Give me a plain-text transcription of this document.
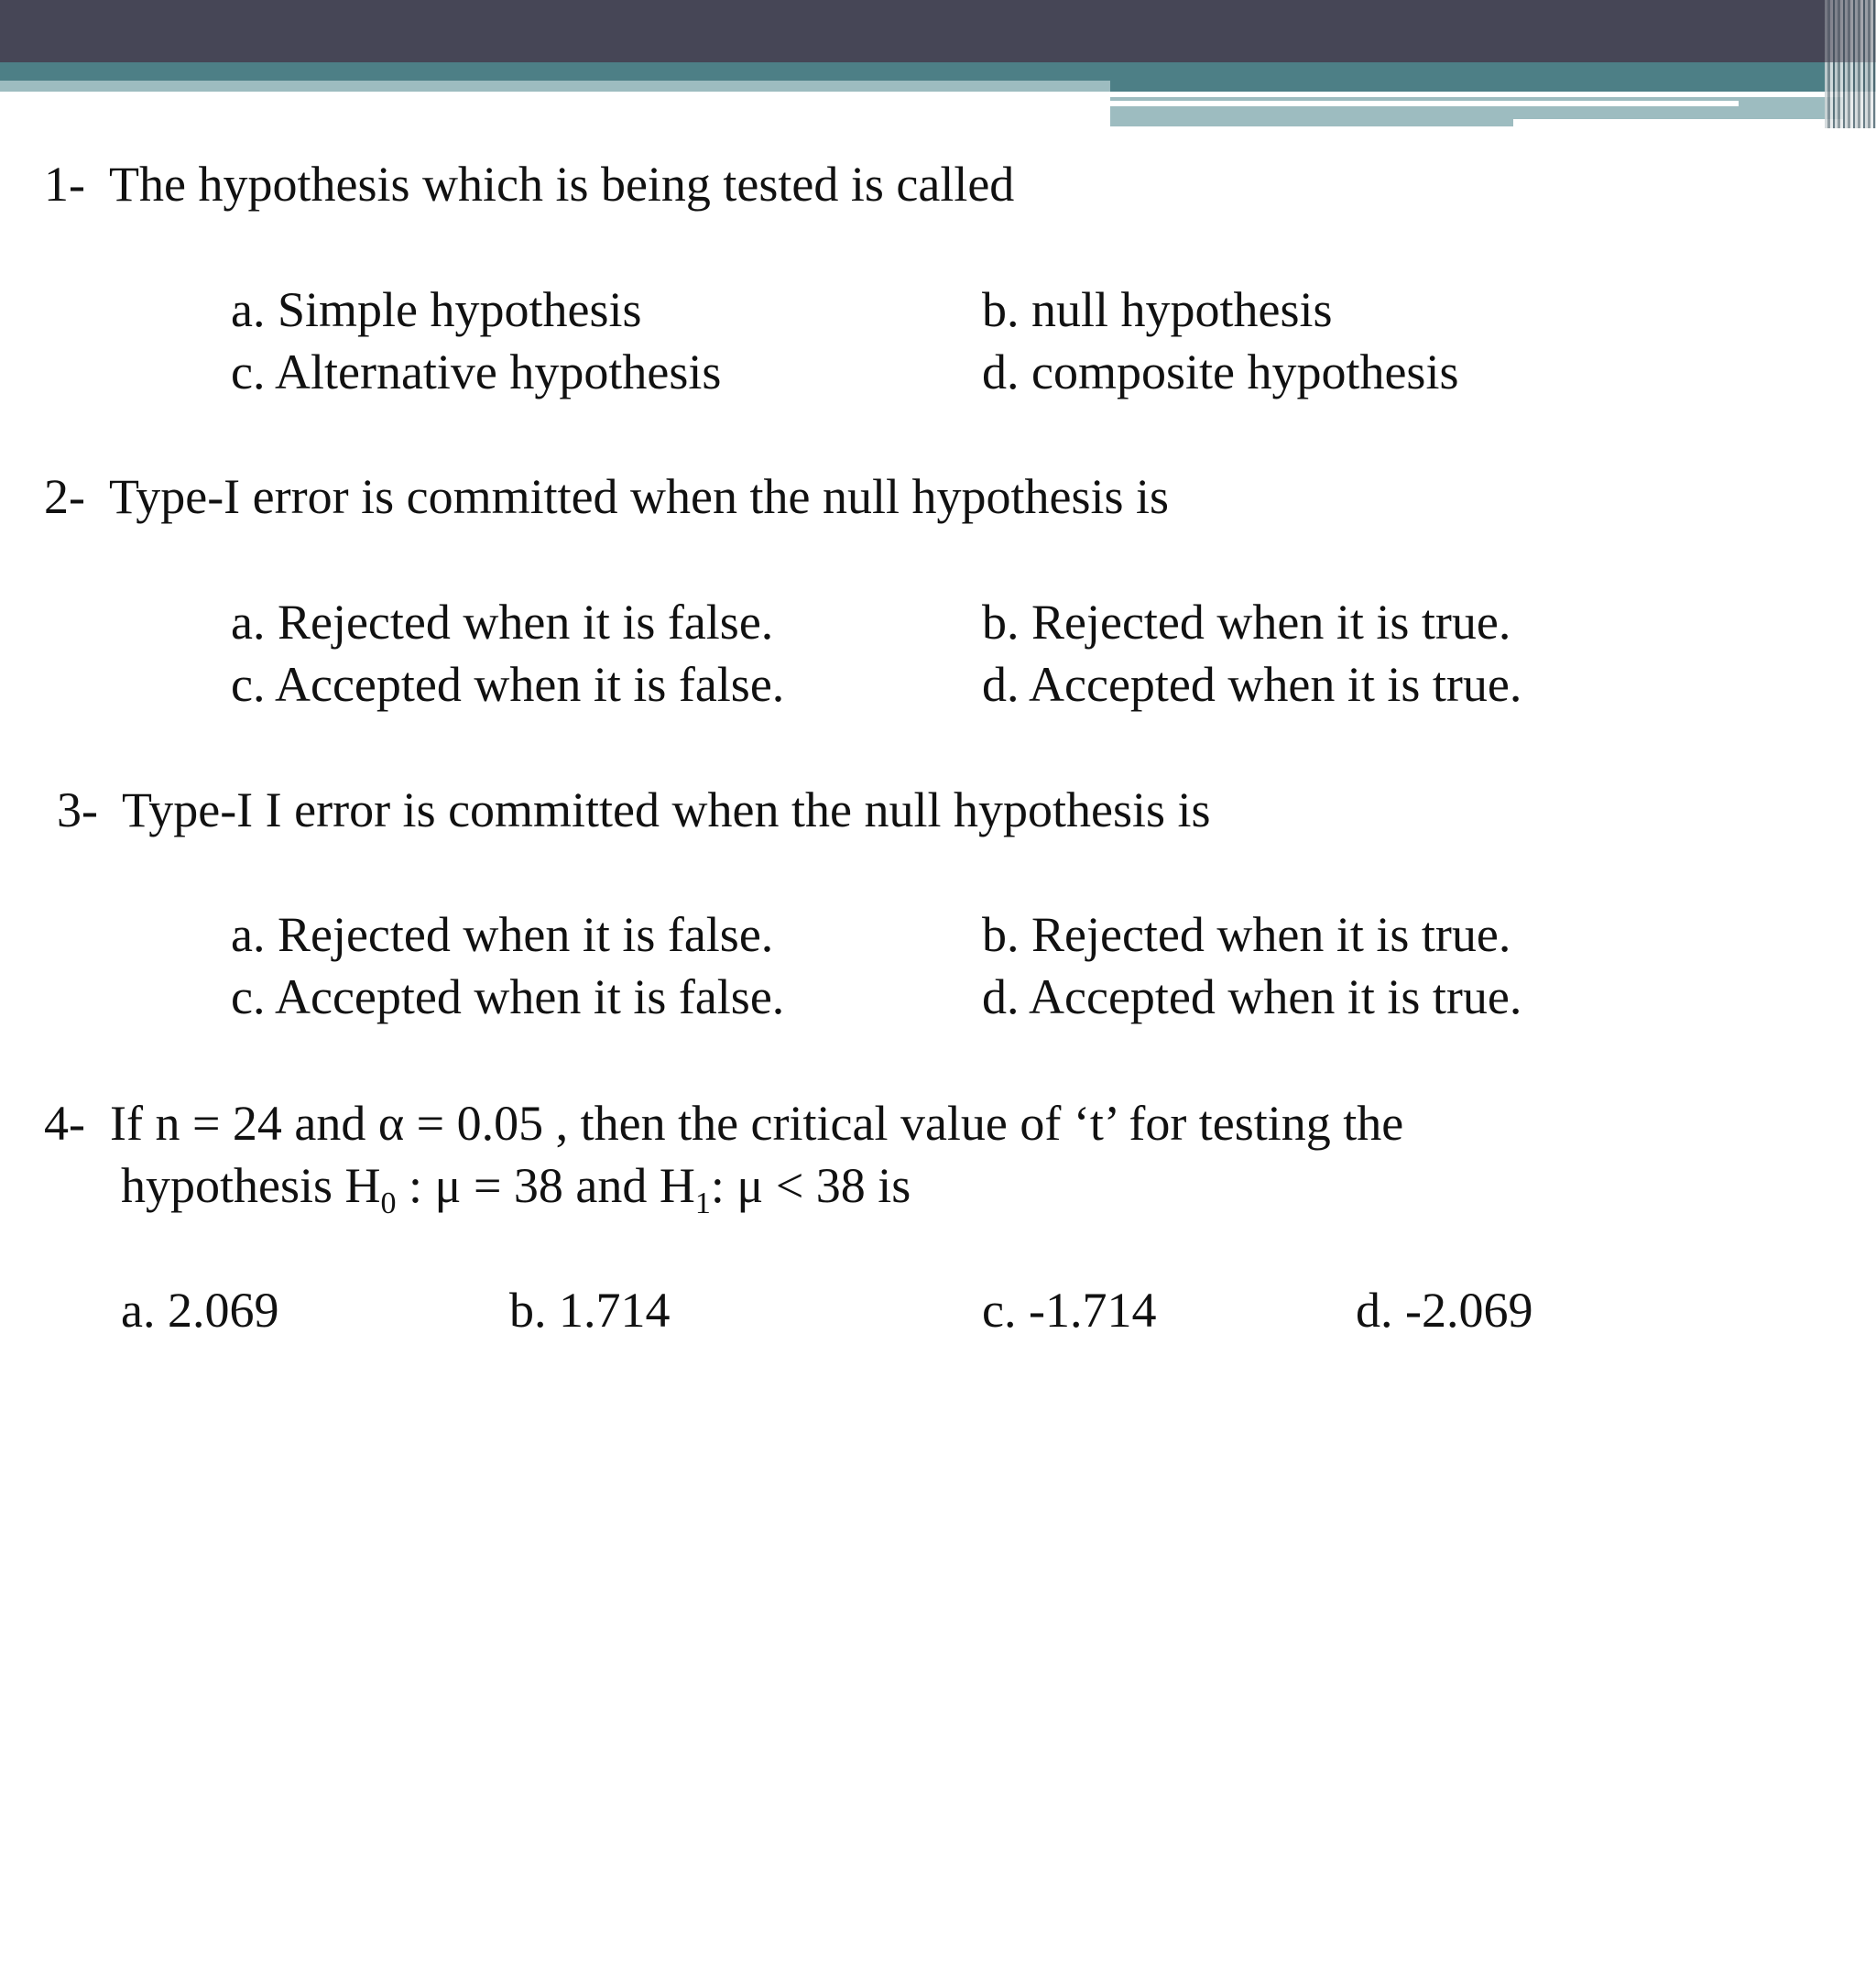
1- The hypothesis which is being tested is called
a. Simple hypothesis	b. null hypothesis
c. Alternative hypothesis	d. composite hypothesis
2- Type-I error is committed when the null hypothesis is
a. Rejected when it is false.	b. Rejected when it is true.
c. Accepted when it is false.	d. Accepted when it is true.
3- Type-I I error is committed when the null hypothesis is
a. Rejected when it is false.	b. Rejected when it is true.
c. Accepted when it is false.	d. Accepted when it is true.
4- If n = 24 and α = 0.05 , then the critical value of ‘t’ for testing the
hypothesis $H_0$ : μ = 38 and $H_1$: μ < 38 is
a. 2.069	b. 1.714	c. -1.714	d. -2.069
